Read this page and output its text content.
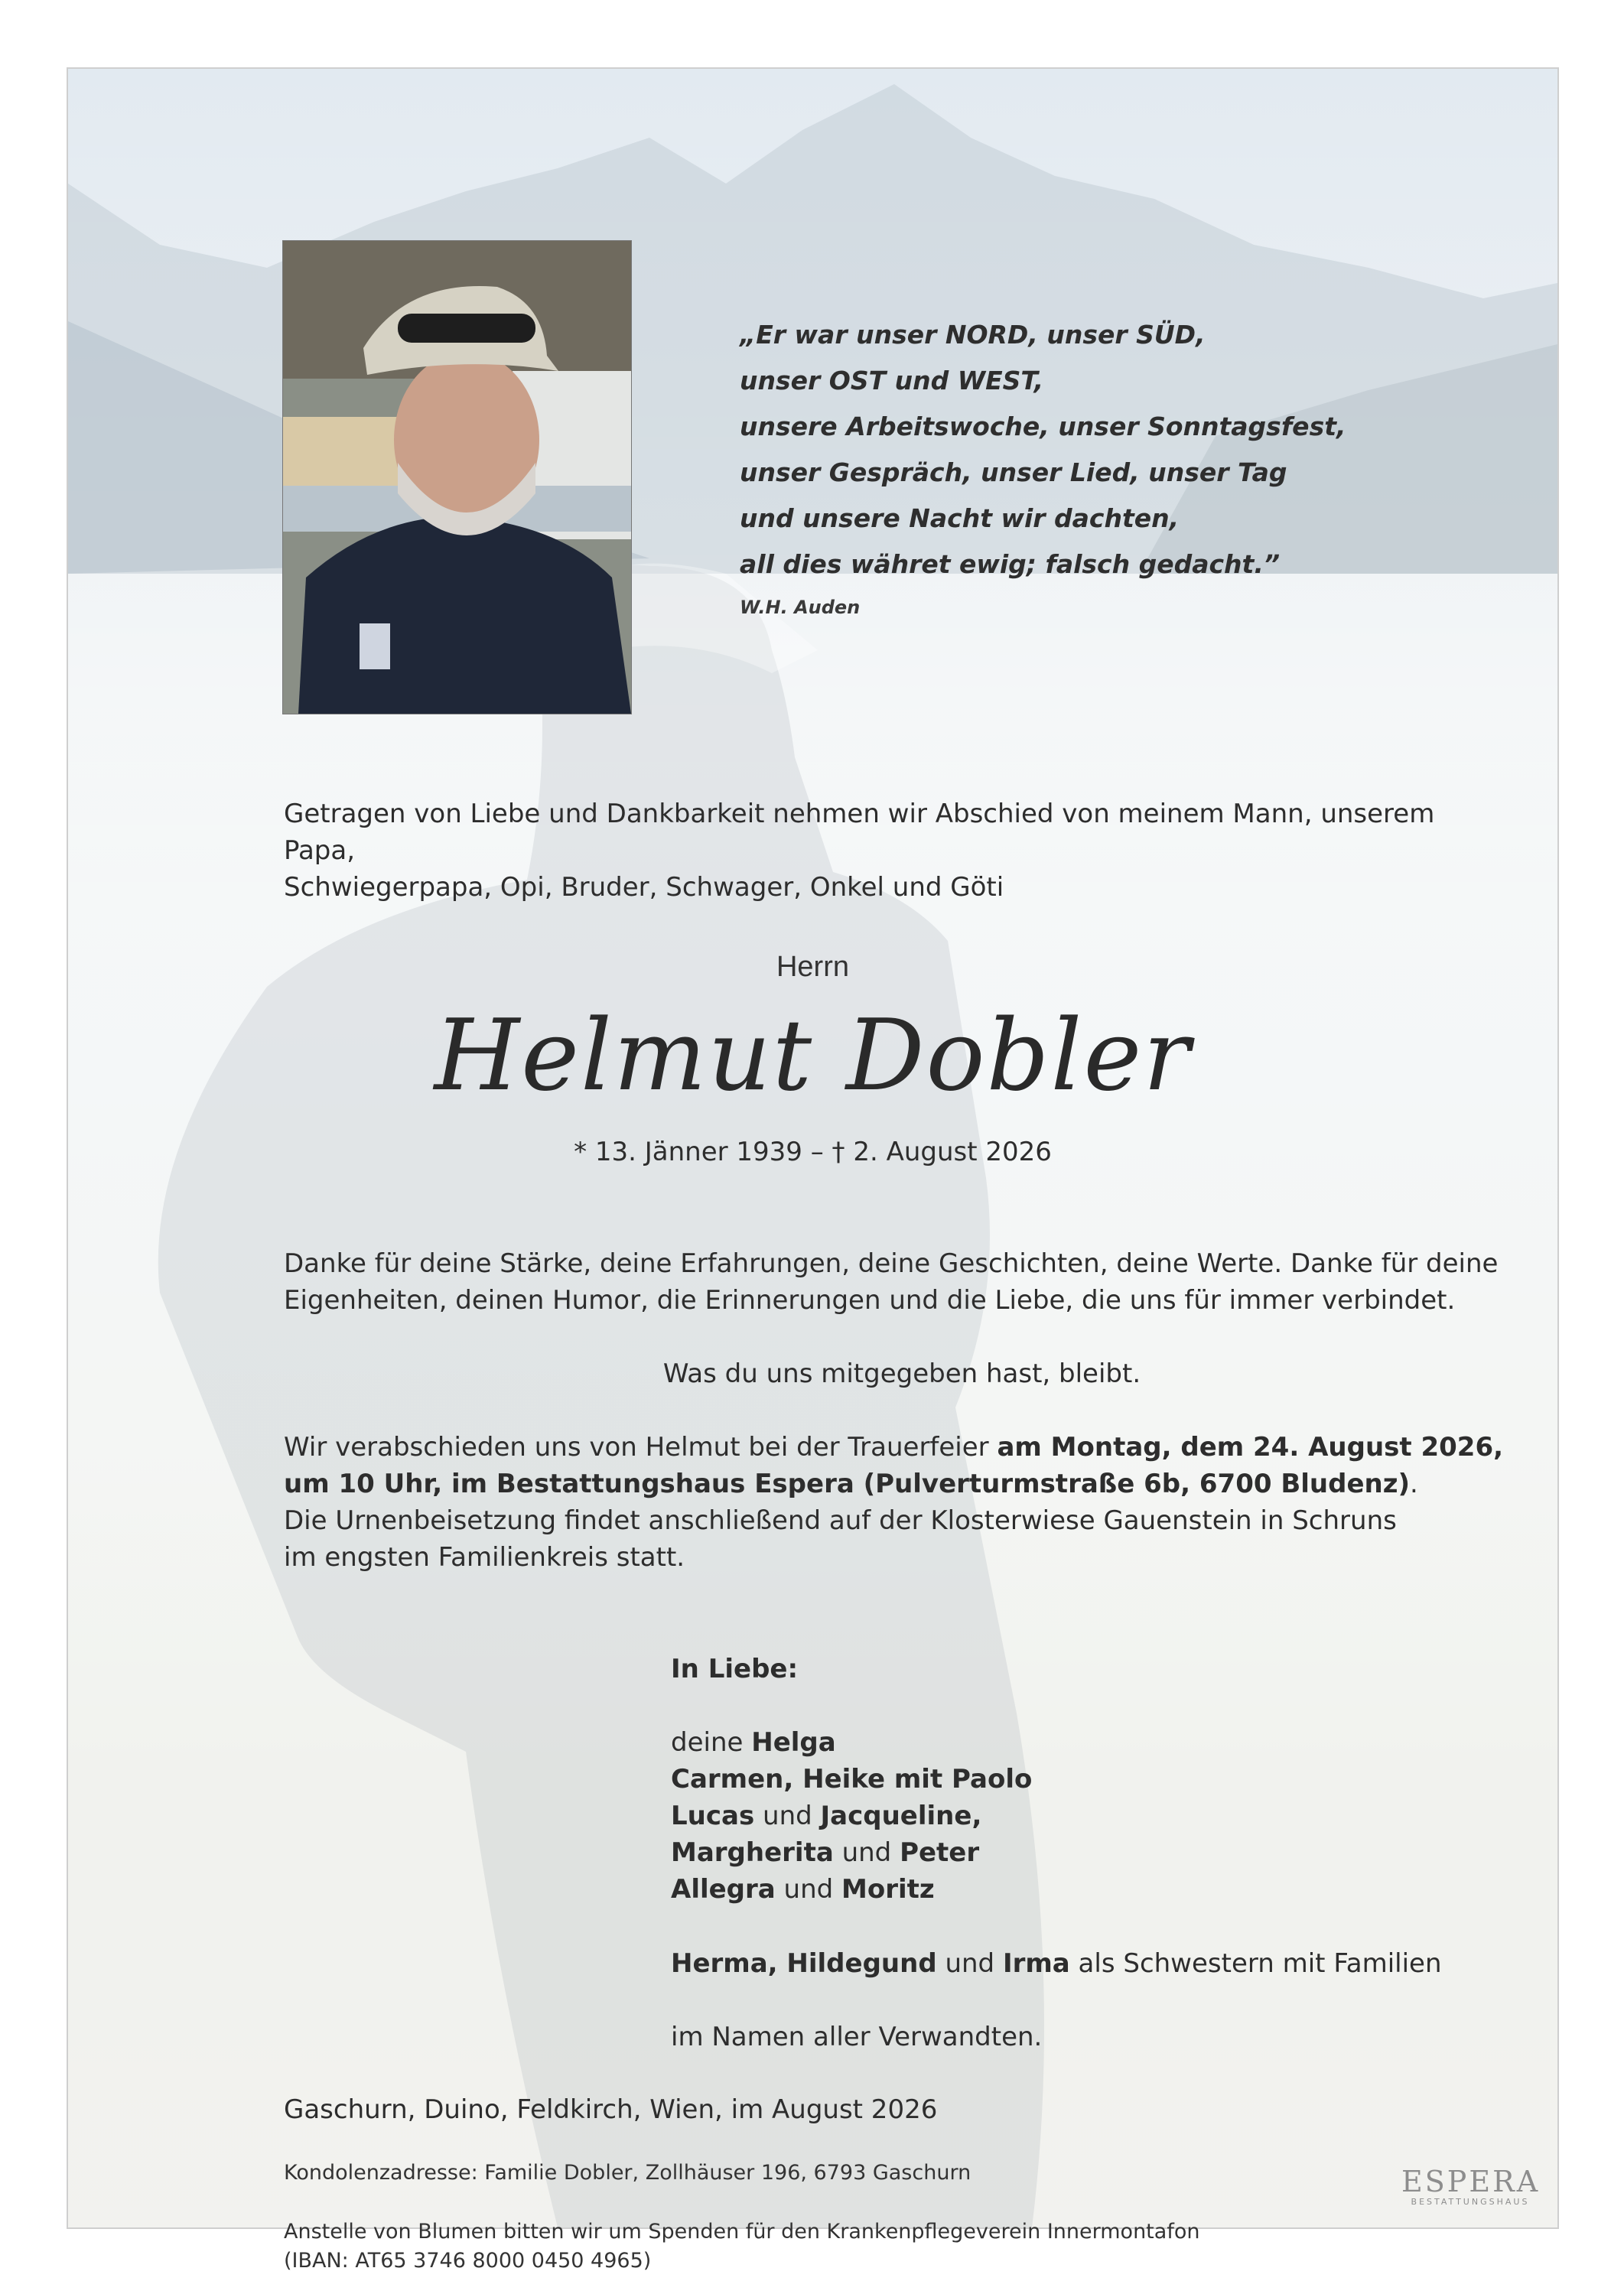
„Er war unser NORD, unser SÜD,
unser OST und WEST,
unsere Arbeitswoche, unser Sonntagsfest,
unser Gespräch, unser Lied, unser Tag
und unsere Nacht wir dachten,
all dies währet ewig; falsch gedacht.”
W.H. Auden
Getragen von Liebe und Dankbarkeit nehmen wir Abschied von meinem Mann, unserem Papa,
Schwiegerpapa, Opi, Bruder, Schwager, Onkel und Göti
Herrn
Helmut Dobler
* 13. Jänner 1939 – † 2. August 2026
Danke für deine Stärke, deine Erfahrungen, deine Geschichten, deine Werte. Danke für deine
Eigenheiten, deinen Humor, die Erinnerungen und die Liebe, die uns für immer verbindet.
Was du uns mitgegeben hast, bleibt.
Wir verabschieden uns von Helmut bei der Trauerfeier am Montag, dem 24. August 2026,
um 10 Uhr, im Bestattungshaus Espera (Pulverturmstraße 6b, 6700 Bludenz).
Die Urnenbeisetzung findet anschließend auf der Klosterwiese Gauenstein in Schruns
im engsten Familienkreis statt.
In Liebe:
deine Helga
Carmen, Heike mit Paolo
Lucas und Jacqueline,
Margherita und Peter
Allegra und Moritz
Herma, Hildegund und Irma als Schwestern mit Familien
im Namen aller Verwandten.
Gaschurn, Duino, Feldkirch, Wien, im August 2026
Kondolenzadresse: Familie Dobler, Zollhäuser 196, 6793 Gaschurn
Anstelle von Blumen bitten wir um Spenden für den Krankenpflegeverein Innermontafon
(IBAN: AT65 3746 8000 0450 4965)
ESPERA
BESTATTUNGSHAUS
